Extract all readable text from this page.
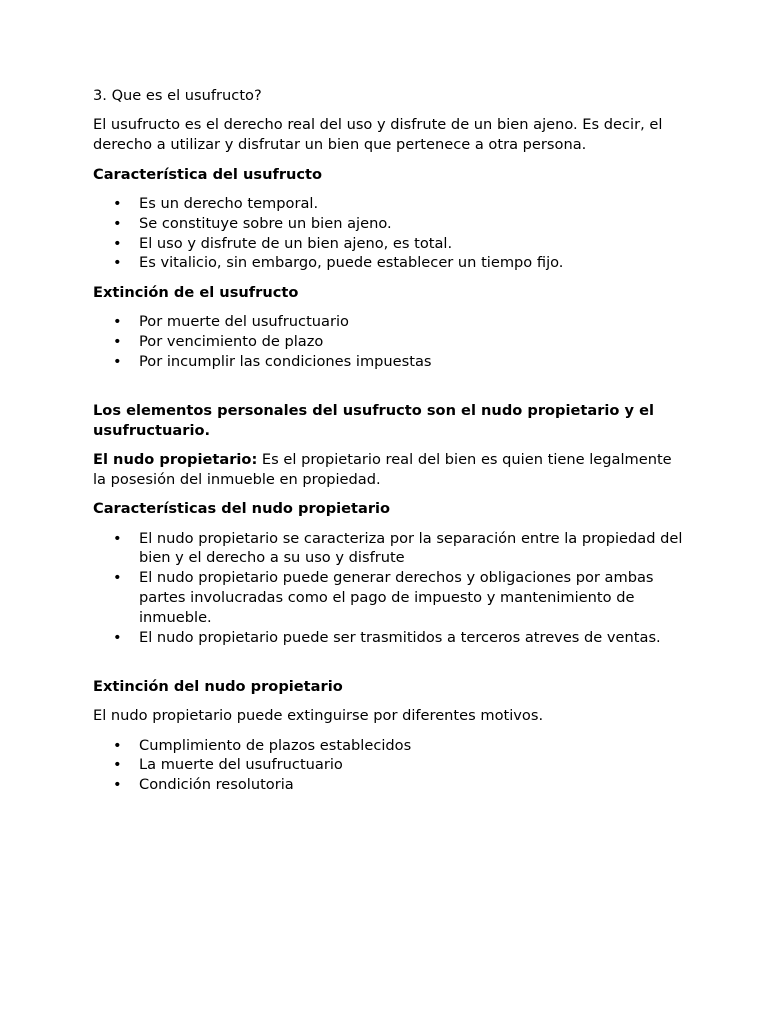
3. Que es el usufructo?

El usufructo es el derecho real del uso y disfrute de un bien ajeno. Es decir, el derecho a utilizar y disfrutar un bien que pertenece a otra persona.

Característica del usufructo

• Es un derecho temporal.
• Se constituye sobre un bien ajeno.
• El uso y disfrute de un bien ajeno, es total.
• Es vitalicio, sin embargo, puede establecer un tiempo fijo.

Extinción de el usufructo

• Por muerte del usufructuario
• Por vencimiento de plazo
• Por incumplir las condiciones impuestas

Los elementos personales del usufructo son el nudo propietario y el usufructuario.

El nudo propietario: Es el propietario real del bien es quien tiene legalmente la posesión del inmueble en propiedad.

Características del nudo propietario

• El nudo propietario se caracteriza por la separación entre la propiedad del bien y el derecho a su uso y disfrute
• El nudo propietario puede generar derechos y obligaciones por ambas partes involucradas como el pago de impuesto y mantenimiento de inmueble.
• El nudo propietario puede ser trasmitidos a terceros atreves de ventas.

Extinción del nudo propietario

El nudo propietario puede extinguirse por diferentes motivos.

• Cumplimiento de plazos establecidos
• La muerte del usufructuario
• Condición resolutoria
